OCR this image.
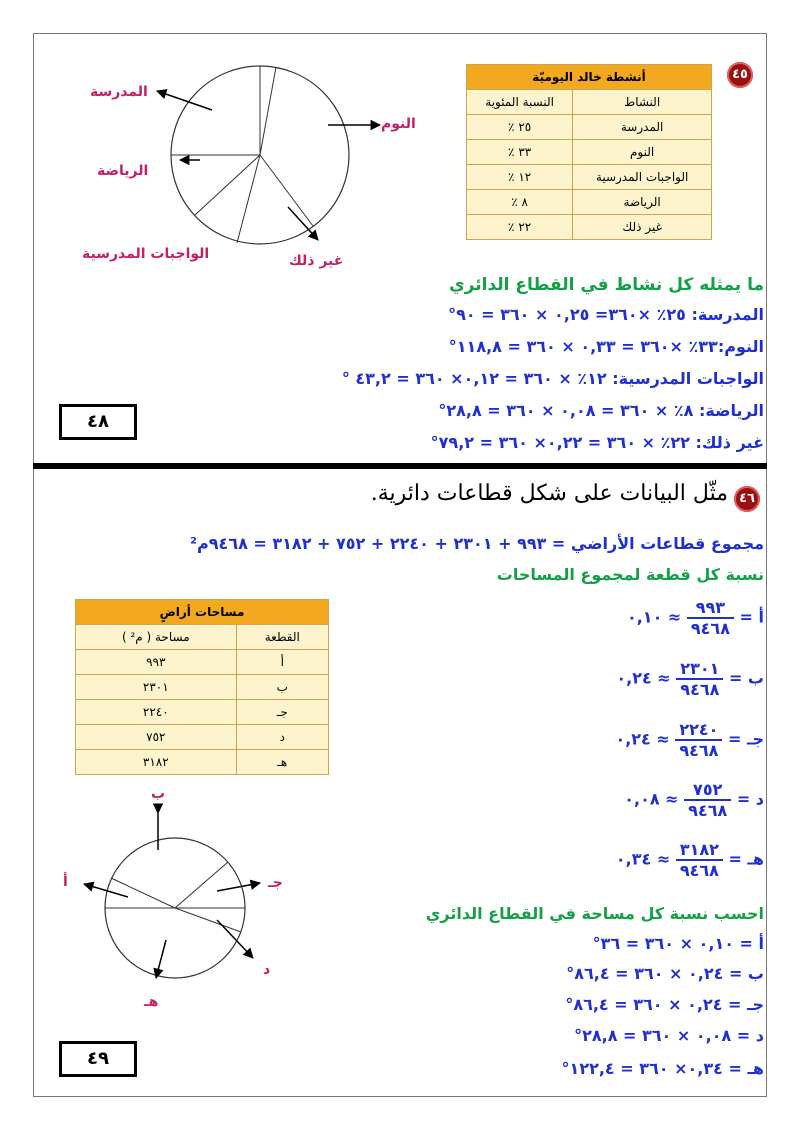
٤٥
أنشطة خالد اليوميّة	
النشاط	النسبة المئوية
المدرسة	٢٥ ٪
النوم	٣٣ ٪
الواجبات المدرسية	١٢ ٪
الرياضة	٨ ٪
غير ذلك	٢٢ ٪
المدرسة
النوم
الرياضة
الواجبات المدرسية	غير ذلك
ما يمثله كل نشاط في القطاع الدائري
المدرسة: ٢٥٪ ×٣٦٠= ٠,٢٥ × ٣٦٠ = ٩٠°
النوم:٣٣٪ ×٣٦٠ = ٠,٣٣ × ٣٦٠ = ١١٨,٨°
الواجبات المدرسية: ١٢٪ × ٣٦٠ = ٠,١٢× ٣٦٠ = ٤٣,٢ °
الرياضة: ٨٪ × ٣٦٠ = ٠,٠٨ × ٣٦٠ = ٢٨,٨°
غير ذلك: ٢٢٪ × ٣٦٠ = ٠,٢٢× ٣٦٠ = ٧٩,٢°
٤٨
٤٦
مثّل البيانات على شكل قطاعات دائرية.
مجموع قطاعات الأراضي = ٩٩٣ + ٢٣٠١ + ٢٢٤٠ + ٧٥٢ + ٣١٨٢ = ٩٤٦٨م²
نسبة كل قطعة لمجموع المساحات
مساحات أراضٍ	
القطعة	مساحة ( م² )
أ	٩٩٣
ب	٢٣٠١
جـ	٢٢٤٠
د	٧٥٢
هـ	٣١٨٢
أ =
$\frac{٩٩٣}{٩٤٦٨}$
≈ ٠,١٠
ب =
$\frac{٢٣٠١}{٩٤٦٨}$
≈ ٠,٢٤
جـ =
$\frac{٢٢٤٠}{٩٤٦٨}$
≈ ٠,٢٤
د =
$\frac{٧٥٢}{٩٤٦٨}$
≈ ٠,٠٨
هـ =
$\frac{٣١٨٢}{٩٤٦٨}$
≈ ٠,٣٤
ب
أ	جـ
د
هـ
احسب نسبة كل مساحة في القطاع الدائري
أ = ٠,١٠ × ٣٦٠ = ٣٦°
ب = ٠,٢٤ × ٣٦٠ = ٨٦,٤°
جـ = ٠,٢٤ × ٣٦٠ = ٨٦,٤°
د = ٠,٠٨ × ٣٦٠ = ٢٨,٨°
هـ = ٠,٣٤× ٣٦٠ = ١٢٢,٤°
٤٩
